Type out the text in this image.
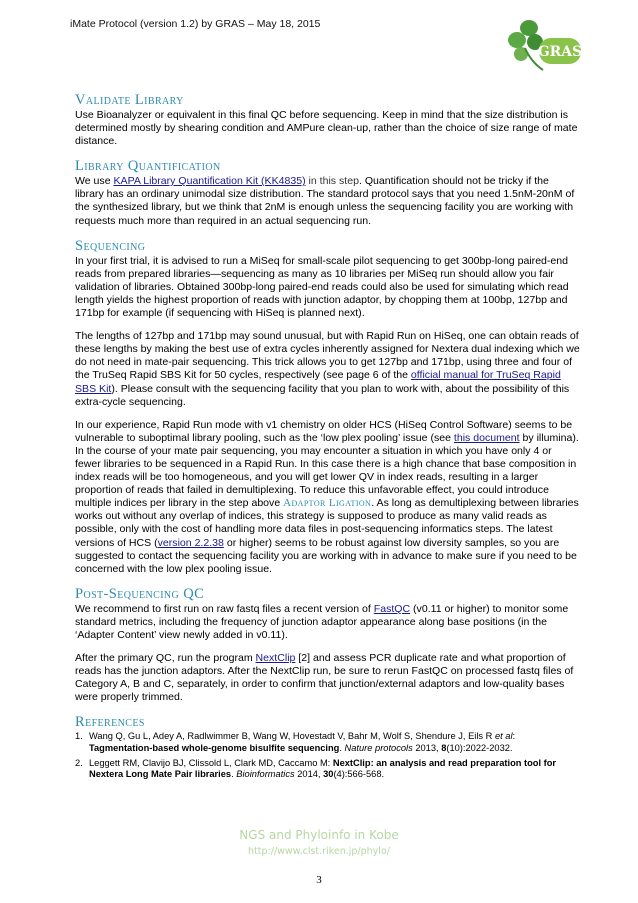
iMate Protocol (version 1.2) by GRAS – May 18, 2015
GRAS
Validate Library

Use Bioanalyzer or equivalent in this final QC before sequencing. Keep in mind that the size distribution is determined mostly by shearing condition and AMPure clean-up, rather than the choice of size range of mate distance.

Library Quantification

We use KAPA Library Quantification Kit (KK4835) in this step. Quantification should not be tricky if the library has an ordinary unimodal size distribution. The standard protocol says that you need 1.5nM-20nM of the synthesized library, but we think that 2nM is enough unless the sequencing facility you are working with requests much more than required in an actual sequencing run.

Sequencing

In your first trial, it is advised to run a MiSeq for small-scale pilot sequencing to get 300bp-long paired-end reads from prepared libraries—sequencing as many as 10 libraries per MiSeq run should allow you fair validation of libraries. Obtained 300bp-long paired-end reads could also be used for simulating which read length yields the highest proportion of reads with junction adaptor, by chopping them at 100bp, 127bp and 171bp for example (if sequencing with HiSeq is planned next).

The lengths of 127bp and 171bp may sound unusual, but with Rapid Run on HiSeq, one can obtain reads of these lengths by making the best use of extra cycles inherently assigned for Nextera dual indexing which we do not need in mate-pair sequencing. This trick allows you to get 127bp and 171bp, using three and four of the TruSeq Rapid SBS Kit for 50 cycles, respectively (see page 6 of the official manual for TruSeq Rapid SBS Kit). Please consult with the sequencing facility that you plan to work with, about the possibility of this extra-cycle sequencing.

In our experience, Rapid Run mode with v1 chemistry on older HCS (HiSeq Control Software) seems to be vulnerable to suboptimal library pooling, such as the ‘low plex pooling’ issue (see this document by illumina). In the course of your mate pair sequencing, you may encounter a situation in which you have only 4 or fewer libraries to be sequenced in a Rapid Run. In this case there is a high chance that base composition in index reads will be too homogeneous, and you will get lower QV in index reads, resulting in a larger proportion of reads that failed in demultiplexing. To reduce this unfavorable effect, you could introduce multiple indices per library in the step above Adaptor Ligation. As long as demultiplexing between libraries works out without any overlap of indices, this strategy is supposed to produce as many valid reads as possible, only with the cost of handling more data files in post-sequencing informatics steps. The latest versions of HCS (version 2.2.38 or higher) seems to be robust against low diversity samples, so you are suggested to contact the sequencing facility you are working with in advance to make sure if you need to be concerned with the low plex pooling issue.

Post-Sequencing QC

We recommend to first run on raw fastq files a recent version of FastQC (v0.11 or higher) to monitor some standard metrics, including the frequency of junction adaptor appearance along base positions (in the ‘Adapter Content’ view newly added in v0.11).

After the primary QC, run the program NextClip [2] and assess PCR duplicate rate and what proportion of reads has the junction adaptors. After the NextClip run, be sure to rerun FastQC on processed fastq files of Category A, B and C, separately, in order to confirm that junction/external adaptors and low-quality bases were properly trimmed.

References
1. Wang Q, Gu L, Adey A, Radlwimmer B, Wang W, Hovestadt V, Bahr M, Wolf S, Shendure J, Eils R et al: Tagmentation-based whole-genome bisulfite sequencing. Nature protocols 2013, 8(10):2022-2032.
2. Leggett RM, Clavijo BJ, Clissold L, Clark MD, Caccamo M: NextClip: an analysis and read preparation tool for Nextera Long Mate Pair libraries. Bioinformatics 2014, 30(4):566-568.
NGS and Phyloinfo in Kobe
http://www.clst.riken.jp/phylo/
3
